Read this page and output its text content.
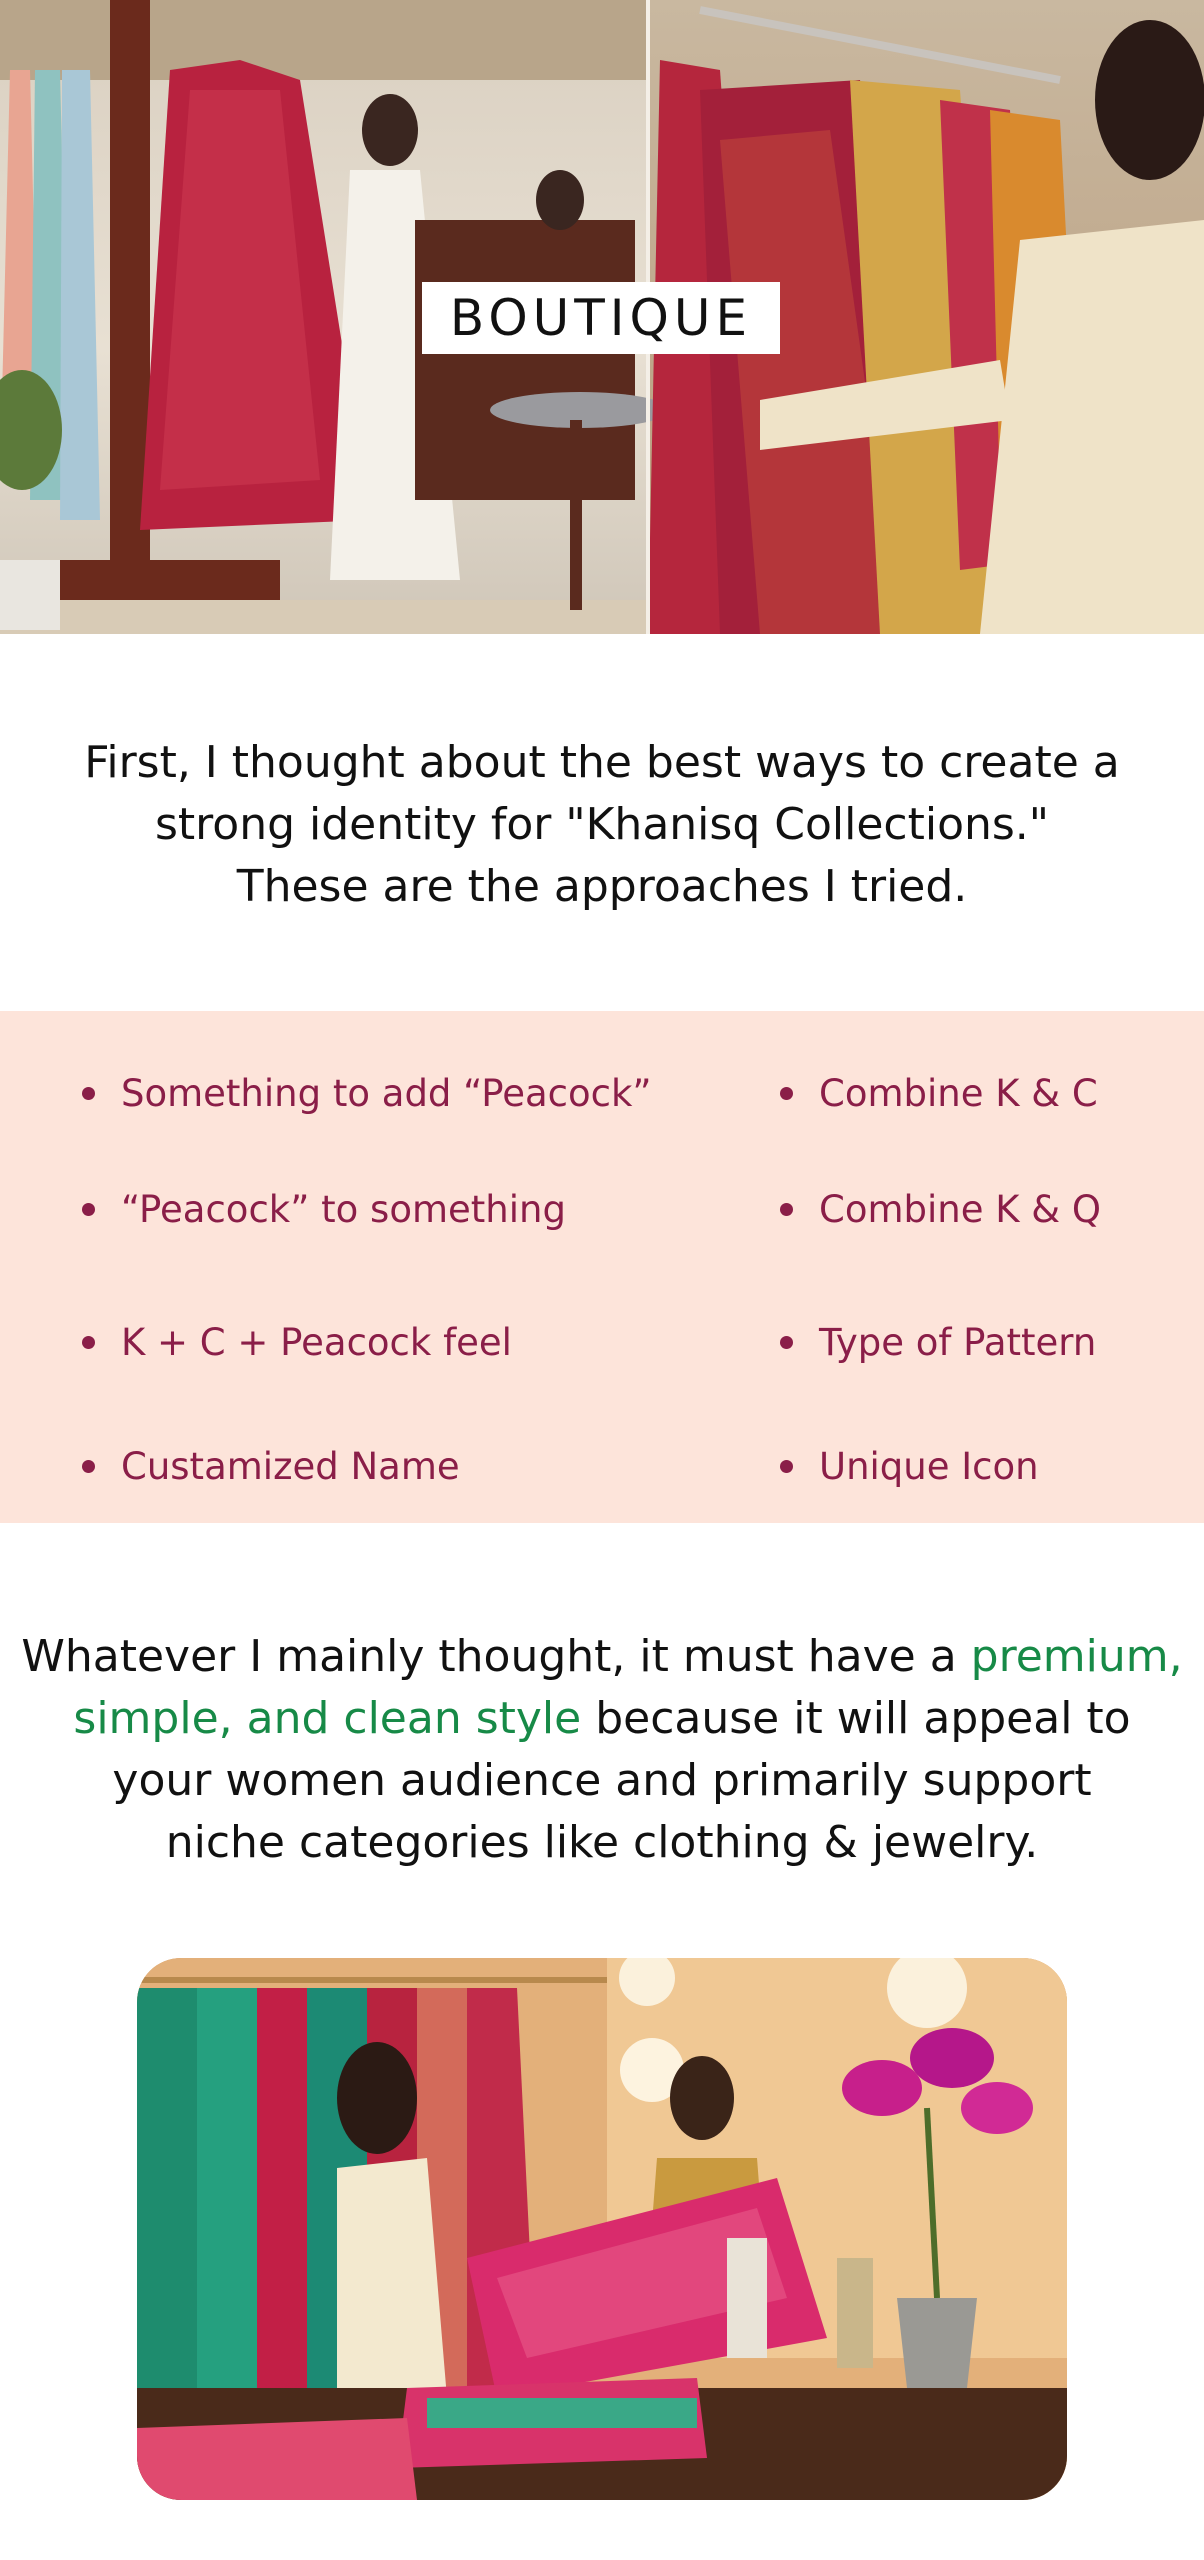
BOUTIQUE
First, I thought about the best ways to create a
strong identity for "Khanisq Collections."
These are the approaches I tried.
Something to add “Peacock”
“Peacock” to something
K + C + Peacock feel
Custamized Name
Combine K & C
Combine K & Q
Type of Pattern
Unique Icon
Whatever I mainly thought, it must have a premium,
simple, and clean style because it will appeal to
your women audience and primarily support
niche categories like clothing & jewelry.
